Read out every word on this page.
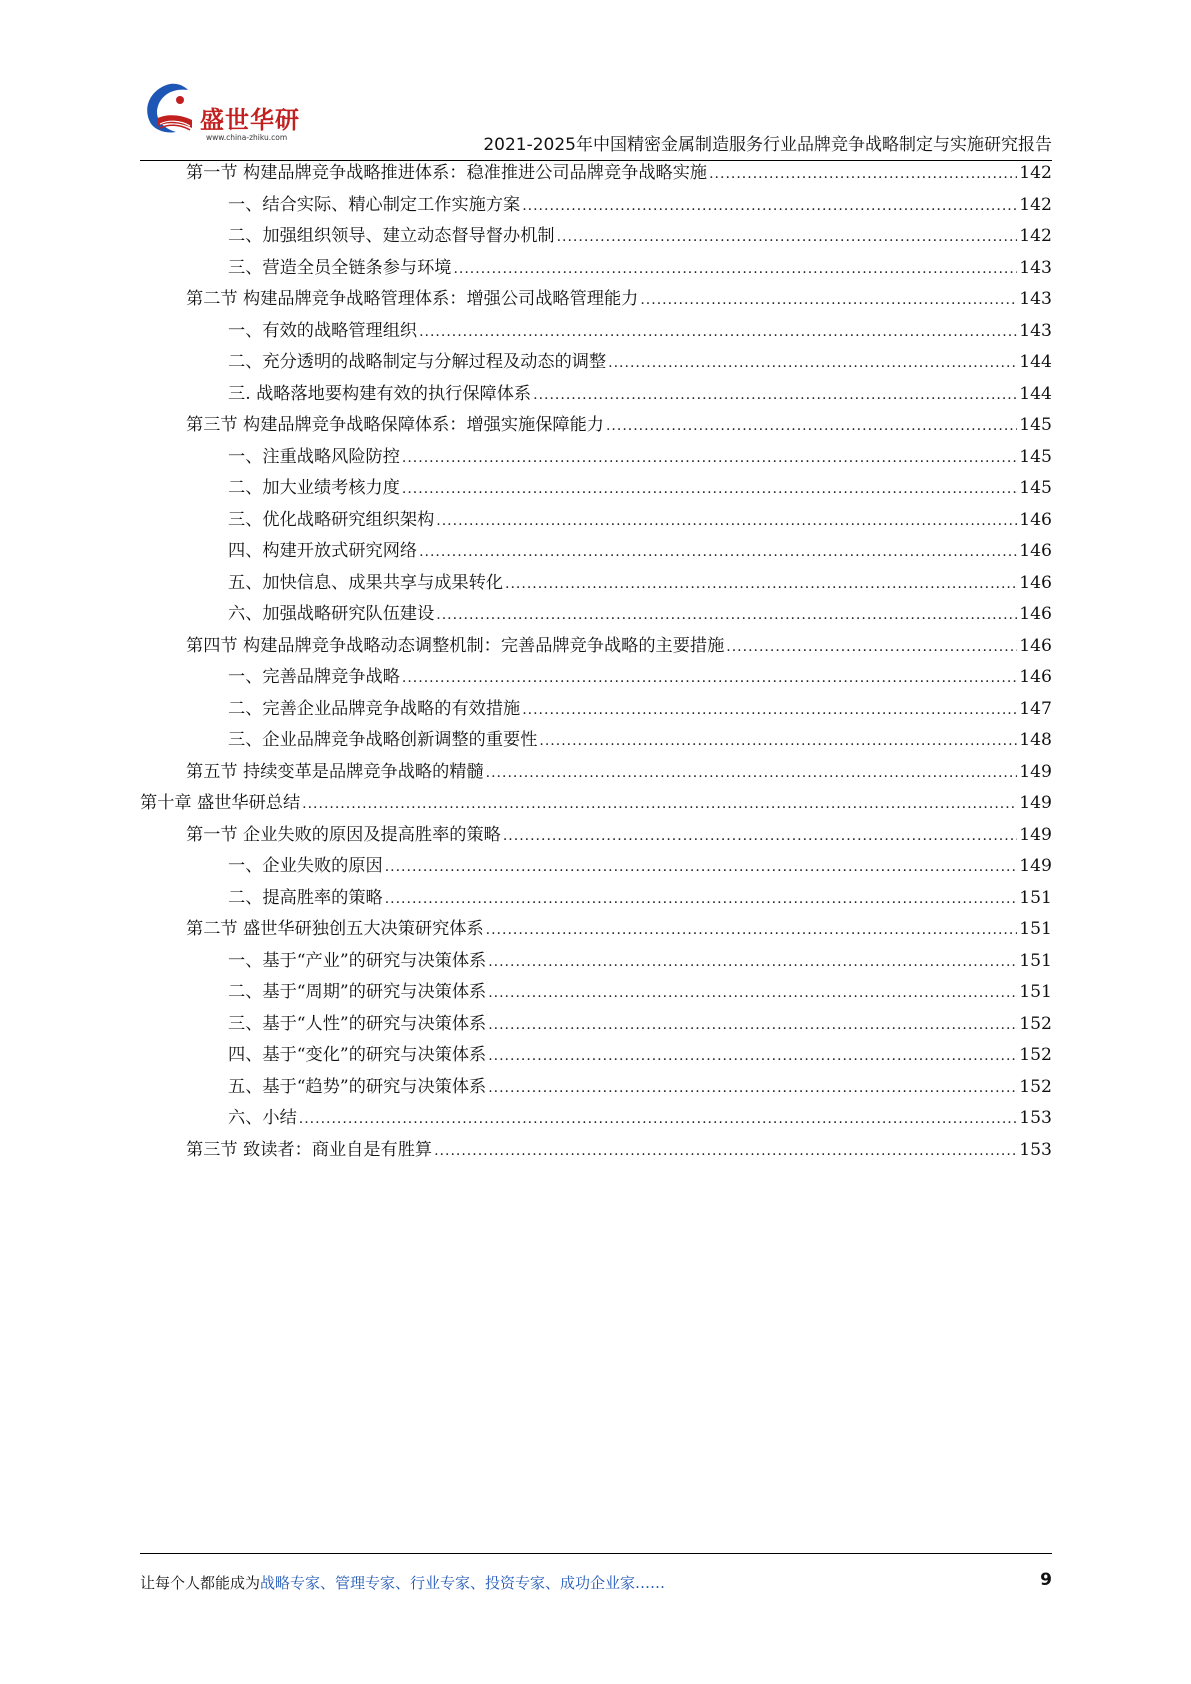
盛世华研
www.china-zhiku.com	2021-2025年中国精密金属制造服务行业品牌竞争战略制定与实施研究报告
第一节 构建品牌竞争战略推进体系：稳准推进公司品牌竞争战略实施 .....	142
一、结合实际、精心制定工作实施方案 .....	142
二、加强组织领导、建立动态督导督办机制 .....	142
三、营造全员全链条参与环境 .....	143
第二节 构建品牌竞争战略管理体系：增强公司战略管理能力 .....	143
一、有效的战略管理组织 .....	143
二、充分透明的战略制定与分解过程及动态的调整 .....	144
三. 战略落地要构建有效的执行保障体系 .....	144
第三节 构建品牌竞争战略保障体系：增强实施保障能力 .....	145
一、注重战略风险防控 .....	145
二、加大业绩考核力度 .....	145
三、优化战略研究组织架构 .....	146
四、构建开放式研究网络 .....	146
五、加快信息、成果共享与成果转化 .....	146
六、加强战略研究队伍建设 .....	146
第四节 构建品牌竞争战略动态调整机制：完善品牌竞争战略的主要措施 .....	146
一、完善品牌竞争战略 .....	146
二、完善企业品牌竞争战略的有效措施 .....	147
三、企业品牌竞争战略创新调整的重要性 .....	148
第五节 持续变革是品牌竞争战略的精髓 .....	149
第十章 盛世华研总结 .....	149
第一节 企业失败的原因及提高胜率的策略 .....	149
一、企业失败的原因 .....	149
二、提高胜率的策略 .....	151
第二节 盛世华研独创五大决策研究体系 .....	151
一、基于“产业”的研究与决策体系 .....	151
二、基于“周期”的研究与决策体系 .....	151
三、基于“人性”的研究与决策体系 .....	152
四、基于“变化”的研究与决策体系 .....	152
五、基于“趋势”的研究与决策体系 .....	152
六、小结 .....	153
第三节 致读者：商业自是有胜算 .....	153
让每个人都能成为战略专家、管理专家、行业专家、投资专家、成功企业家……	9
